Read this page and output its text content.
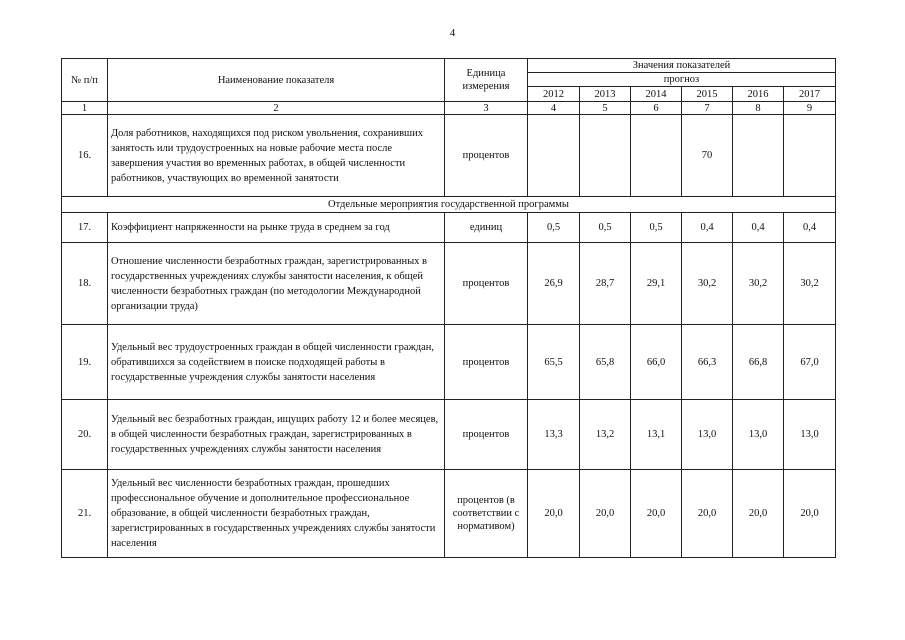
4
№ п/п	Наименование показателя	Единица измерения	Значения показателей					
			прогноз					
			2012	2013	2014	2015	2016	2017
1	2	3	4	5	6	7	8	9
16.	Доля работников, находящихся под риском увольнения, сохранивших занятость или трудоустроенных на новые рабочие места после завершения участия во временных работах, в общей численности работников, участвующих во временной занятости	процентов				70		
Отдельные мероприятия государственной программы								
17.	Коэффициент напряженности на рынке труда в среднем за год	единиц	0,5	0,5	0,5	0,4	0,4	0,4
18.	Отношение численности безработных граждан, зарегистрированных в государственных учреждениях службы занятости населения, к общей численности безработных граждан (по методологии Международной организации труда)	процентов	26,9	28,7	29,1	30,2	30,2	30,2
19.	Удельный вес трудоустроенных граждан в общей численности граждан, обратившихся за содействием в поиске подходящей работы в государственные учреждения службы занятости населения	процентов	65,5	65,8	66,0	66,3	66,8	67,0
20.	Удельный вес безработных граждан, ищущих работу 12 и более месяцев, в общей численности безработных граждан, зарегистрированных в государственных учреждениях службы занятости населения	процентов	13,3	13,2	13,1	13,0	13,0	13,0
21.	Удельный вес численности безработных граждан, прошедших профессиональное обучение и дополнительное профессиональное образование, в общей численности безработных граждан, зарегистрированных в государственных учреждениях службы занятости населения	процентов (в соответствии с нормативом)	20,0	20,0	20,0	20,0	20,0	20,0
